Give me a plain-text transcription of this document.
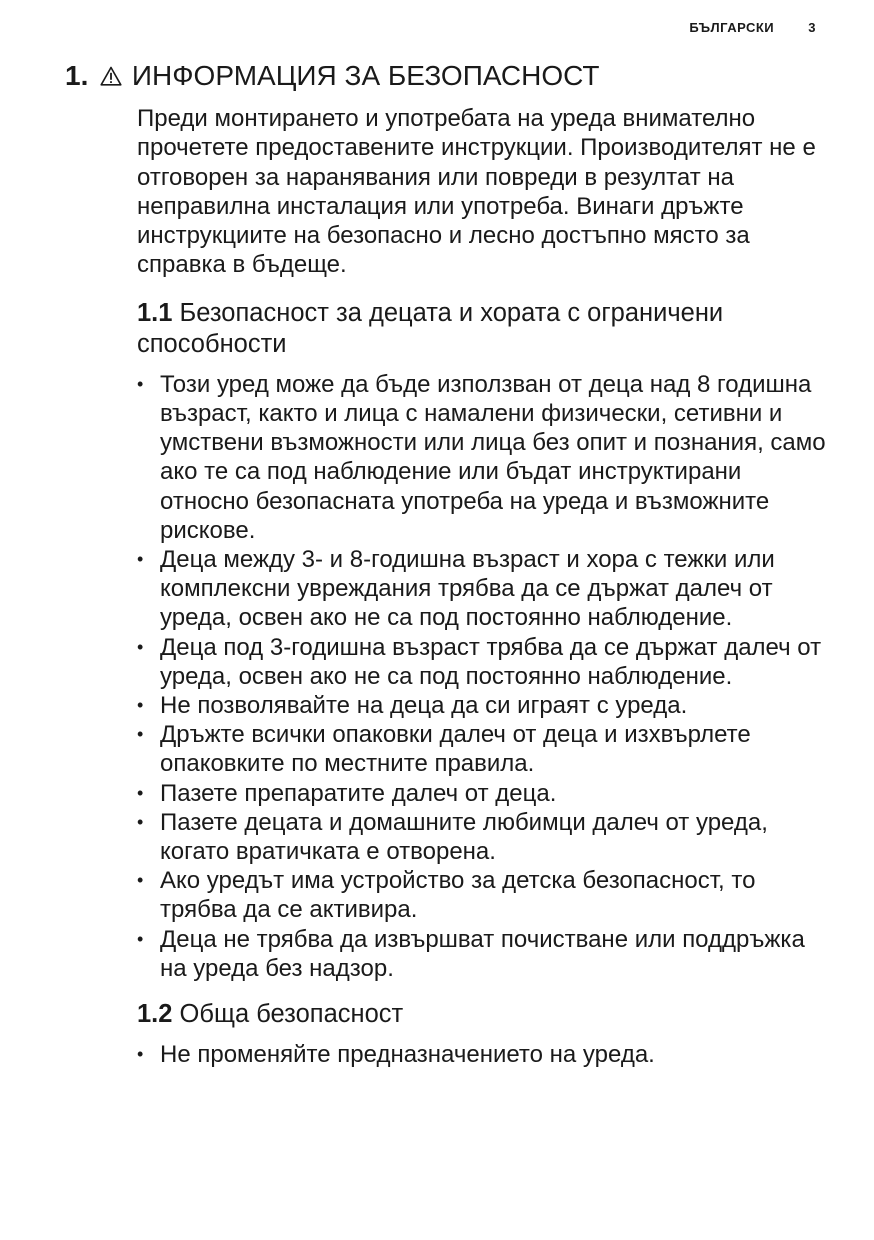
БЪЛГАРСКИ	3
1. ИНФОРМАЦИЯ ЗА БЕЗОПАСНОСТ

Преди монтирането и употребата на уреда внимателно прочетете предоставените инструкции. Производителят не е отговорен за наранявания или повреди в резултат на неправилна инсталация или употреба. Винаги дръжте инструкциите на безопасно и лесно достъпно място за справка в бъдеще.

1.1 Безопасност за децата и хората с ограничени способности
• Този уред може да бъде използван от деца над 8 годишна възраст, както и лица с намалени физически, сетивни и умствени възможности или лица без опит и познания, само ако те са под наблюдение или бъдат инструктирани относно безопасната употреба на уреда и възможните рискове.
• Деца между 3- и 8-годишна възраст и хора с тежки или комплексни увреждания трябва да се държат далеч от уреда, освен ако не са под постоянно наблюдение.
• Деца под 3-годишна възраст трябва да се държат далеч от уреда, освен ако не са под постоянно наблюдение.
• Не позволявайте на деца да си играят с уреда.
• Дръжте всички опаковки далеч от деца и изхвърлете опаковките по местните правила.
• Пазете препаратите далеч от деца.
• Пазете децата и домашните любимци далеч от уреда, когато вратичката е отворена.
• Ако уредът има устройство за детска безопасност, то трябва да се активира.
• Деца не трябва да извършват почистване или поддръжка на уреда без надзор.
1.2 Обща безопасност
• Не променяйте предназначението на уреда.
